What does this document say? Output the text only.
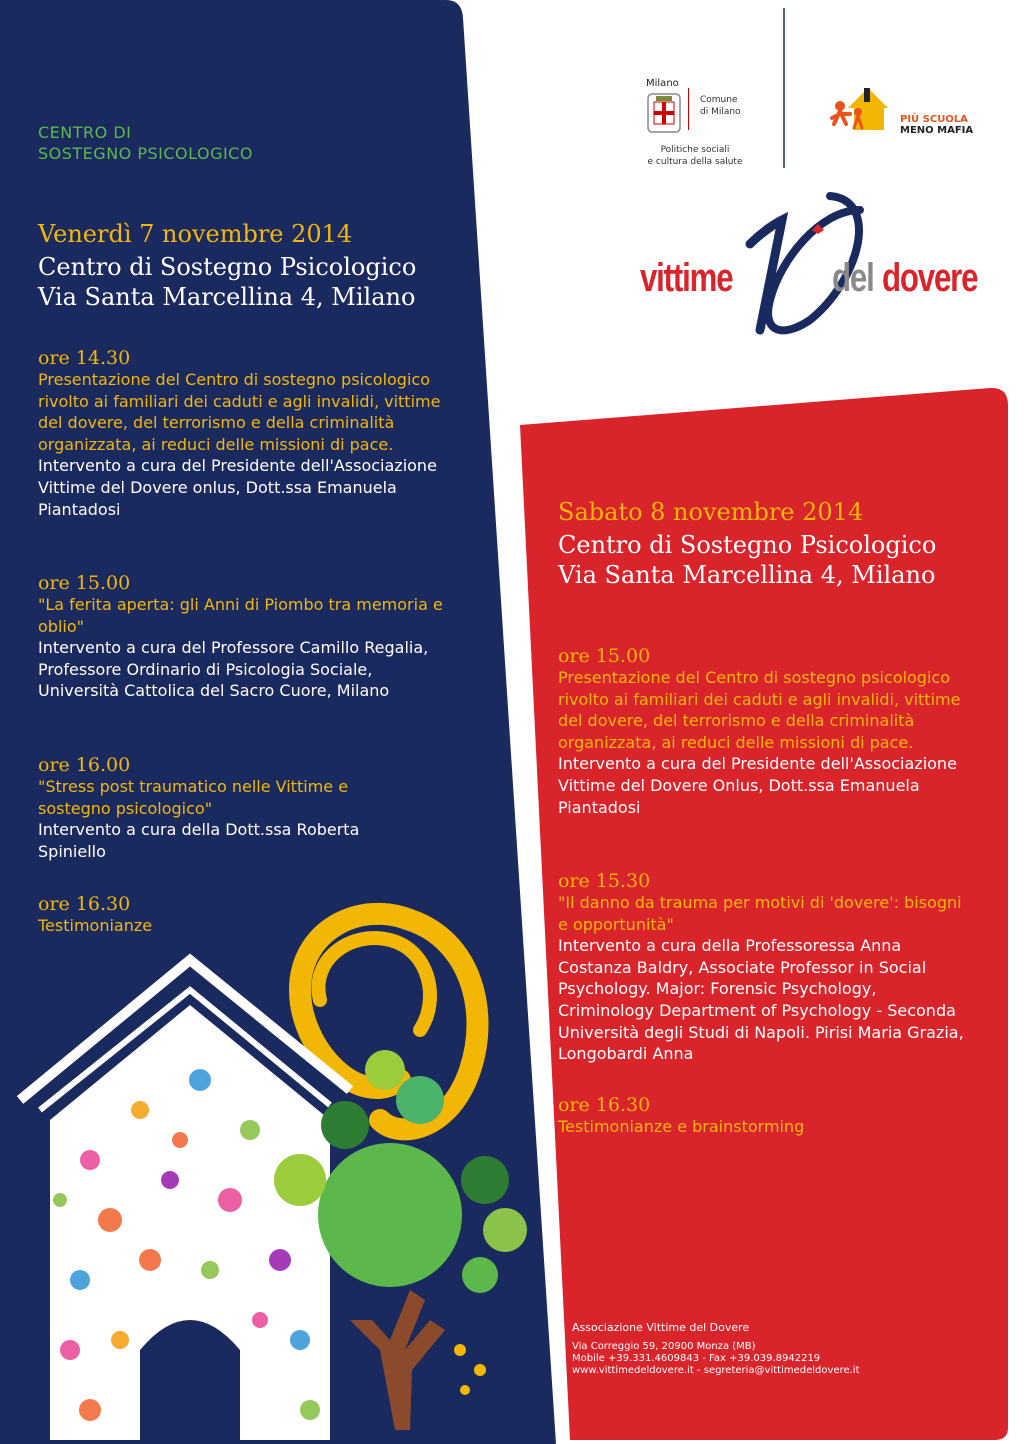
Milano
Comune
di Milano
Politiche sociali
e cultura della salute
PIÙ SCUOLA
MENO MAFIA
vittime del dovere
CENTRO DI
SOSTEGNO PSICOLOGICO
Venerdì 7 novembre 2014
Centro di Sostegno Psicologico
Via Santa Marcellina 4, Milano
ore 14.30
Presentazione del Centro di sostegno psicologico rivolto ai familiari dei caduti e agli invalidi, vittime del dovere, del terrorismo e della criminalità organizzata, ai reduci delle missioni di pace.
Intervento a cura del Presidente dell'Associazione Vittime del Dovere onlus, Dott.ssa Emanuela Piantadosi
ore 15.00
"La ferita aperta: gli Anni di Piombo tra memoria e oblio"
Intervento a cura del Professore Camillo Regalia, Professore Ordinario di Psicologia Sociale, Università Cattolica del Sacro Cuore, Milano
ore 16.00
"Stress post traumatico nelle Vittime e sostegno psicologico"
Intervento a cura della Dott.ssa Roberta Spiniello
ore 16.30
Testimonianze
Sabato 8 novembre 2014
Centro di Sostegno Psicologico
Via Santa Marcellina 4, Milano
ore 15.00
Presentazione del Centro di sostegno psicologico rivolto ai familiari dei caduti e agli invalidi, vittime del dovere, del terrorismo e della criminalità organizzata, ai reduci delle missioni di pace.
Intervento a cura del Presidente dell'Associazione Vittime del Dovere Onlus, Dott.ssa Emanuela Piantadosi
ore 15.30
"Il danno da trauma per motivi di 'dovere': bisogni e opportunità"
Intervento a cura della Professoressa Anna Costanza Baldry, Associate Professor in Social Psychology. Major: Forensic Psychology, Criminology Department of Psychology - Seconda Università degli Studi di Napoli. Pirisi Maria Grazia, Longobardi Anna
ore 16.30
Testimonianze e brainstorming
Associazione Vittime del Dovere
Via Correggio 59, 20900 Monza (MB)
Mobile +39.331.4609843 - Fax +39.039.8942219
www.vittimedeldovere.it - segreteria@vittimedeldovere.it
